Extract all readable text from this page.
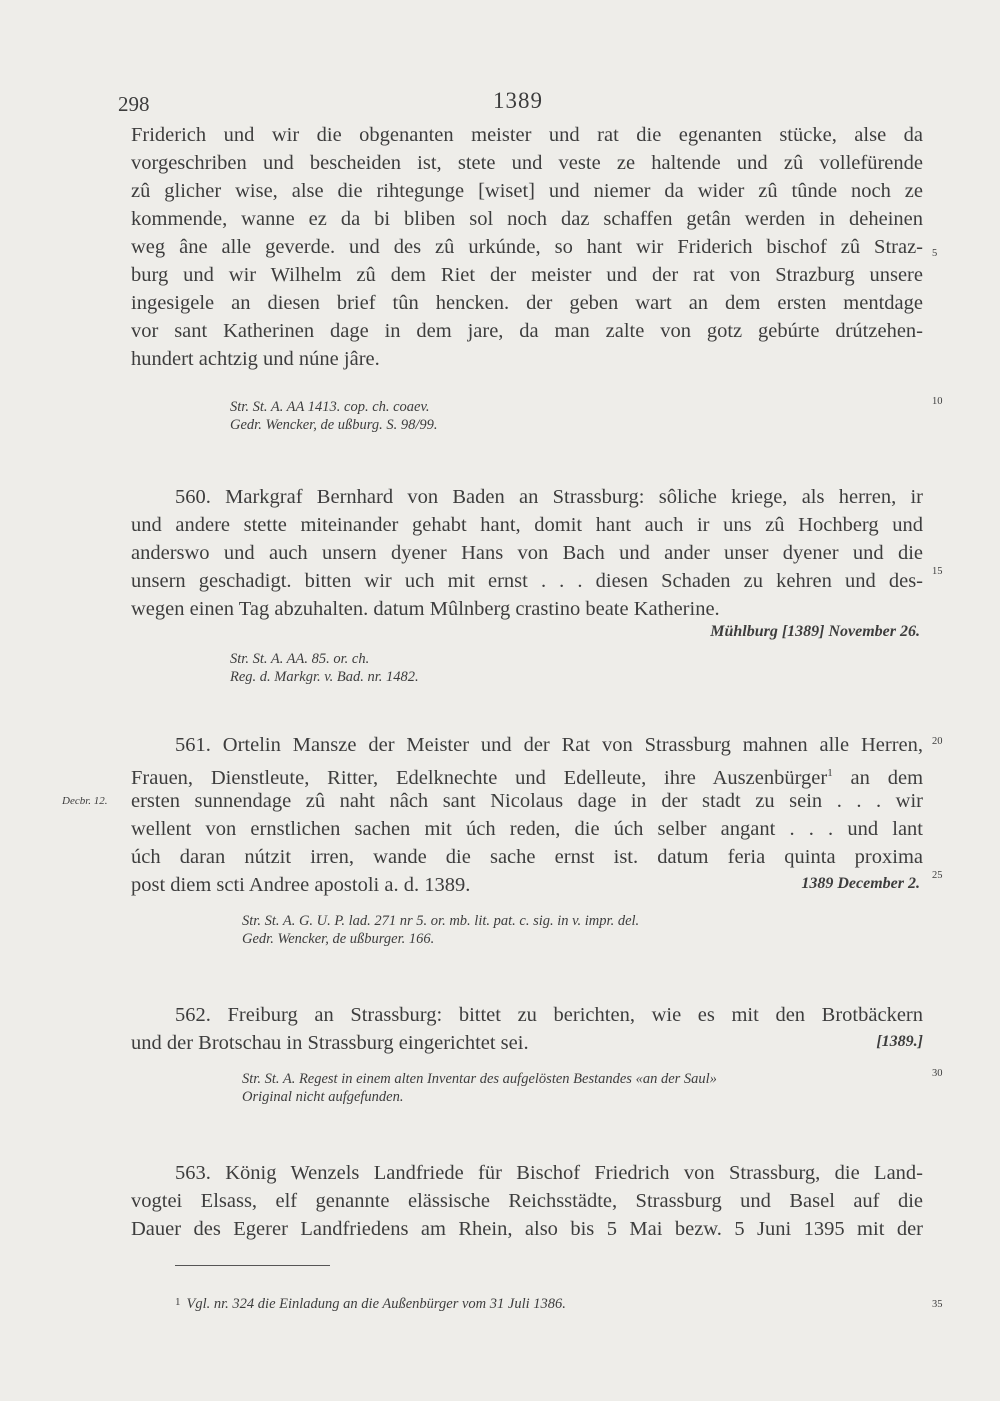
298	1389
Friderich und wir die obgenanten meister und rat die egenanten stücke, alse da
vorgeschriben und bescheiden ist, stete und veste ze haltende und zû vollefürende
zû glicher wise, alse die rihtegunge [wiset] und niemer da wider zû tûnde noch ze
kommende, wanne ez da bi bliben sol noch daz schaffen getân werden in deheinen
weg âne alle geverde. und des zû urkúnde, so hant wir Friderich bischof zû Straz-
burg und wir Wilhelm zû dem Riet der meister und der rat von Strazburg unsere
ingesigele an diesen brief tûn hencken. der geben wart an dem ersten mentdage
vor sant Katherinen dage in dem jare, da man zalte von gotz gebúrte drútzehen-
hundert achtzig und núne jâre.
Str. St. A. AA 1413. cop. ch. coaev.
Gedr. Wencker, de ußburg. S. 98/99.
560. Markgraf Bernhard von Baden an Strassburg: sôliche kriege, als herren, ir
und andere stette miteinander gehabt hant, domit hant auch ir uns zû Hochberg und
anderswo und auch unsern dyener Hans von Bach und ander unser dyener und die
unsern geschadigt. bitten wir uch mit ernst . . . diesen Schaden zu kehren und des-
wegen einen Tag abzuhalten. datum Mûlnberg crastino beate Katherine.
Mühlburg [1389] November 26.
Str. St. A. AA. 85. or. ch.
Reg. d. Markgr. v. Bad. nr. 1482.
561. Ortelin Mansze der Meister und der Rat von Strassburg mahnen alle Herren,
Frauen, Dienstleute, Ritter, Edelknechte und Edelleute, ihre Auszenbürger$^1$ an dem
ersten sunnendage zû naht nâch sant Nicolaus dage in der stadt zu sein . . . wir
wellent von ernstlichen sachen mit úch reden, die úch selber angant . . . und lant
úch daran nútzit irren, wande die sache ernst ist. datum feria quinta proxima
post diem scti Andree apostoli a. d. 1389.	1389 December 2.
Decbr. 12.
Str. St. A. G. U. P. lad. 271 nr 5. or. mb. lit. pat. c. sig. in v. impr. del.
Gedr. Wencker, de ußburger. 166.
562. Freiburg an Strassburg: bittet zu berichten, wie es mit den Brotbäckern
und der Brotschau in Strassburg eingerichtet sei.	[1389.]
Str. St. A. Regest in einem alten Inventar des aufgelösten Bestandes «an der Saul»
Original nicht aufgefunden.
563. König Wenzels Landfriede für Bischof Friedrich von Strassburg, die Land-
vogtei Elsass, elf genannte elässische Reichsstädte, Strassburg und Basel auf die
Dauer des Egerer Landfriedens am Rhein, also bis 5 Mai bezw. 5 Juni 1395 mit der
$^1$ Vgl. nr. 324 die Einladung an die Außenbürger vom 31 Juli 1386.
5
10
15
20
25
30
35
